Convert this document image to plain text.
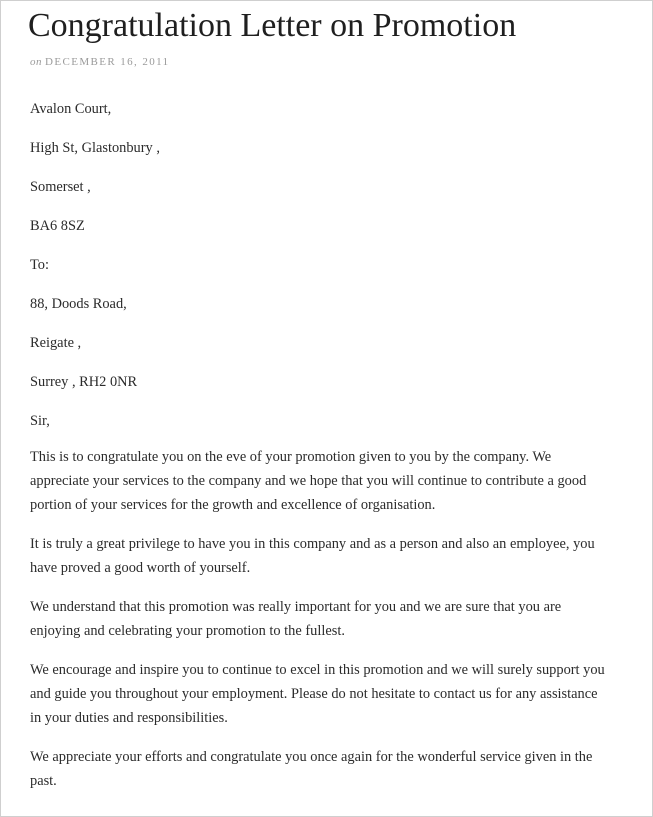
Congratulation Letter on Promotion
on DECEMBER 16, 2011

Avalon Court,

High St, Glastonbury ,

Somerset ,

BA6 8SZ

To:

88, Doods Road,

Reigate ,

Surrey , RH2 0NR

Sir,

This is to congratulate you on the eve of your promotion given to you by the company. We appreciate your services to the company and we hope that you will continue to contribute a good portion of your services for the growth and excellence of organisation.

It is truly a great privilege to have you in this company and as a person and also an employee, you have proved a good worth of yourself.

We understand that this promotion was really important for you and we are sure that you are enjoying and celebrating your promotion to the fullest.

We encourage and inspire you to continue to excel in this promotion and we will surely support you and guide you throughout your employment. Please do not hesitate to contact us for any assistance in your duties and responsibilities.

We appreciate your efforts and congratulate you once again for the wonderful service given in the past.
